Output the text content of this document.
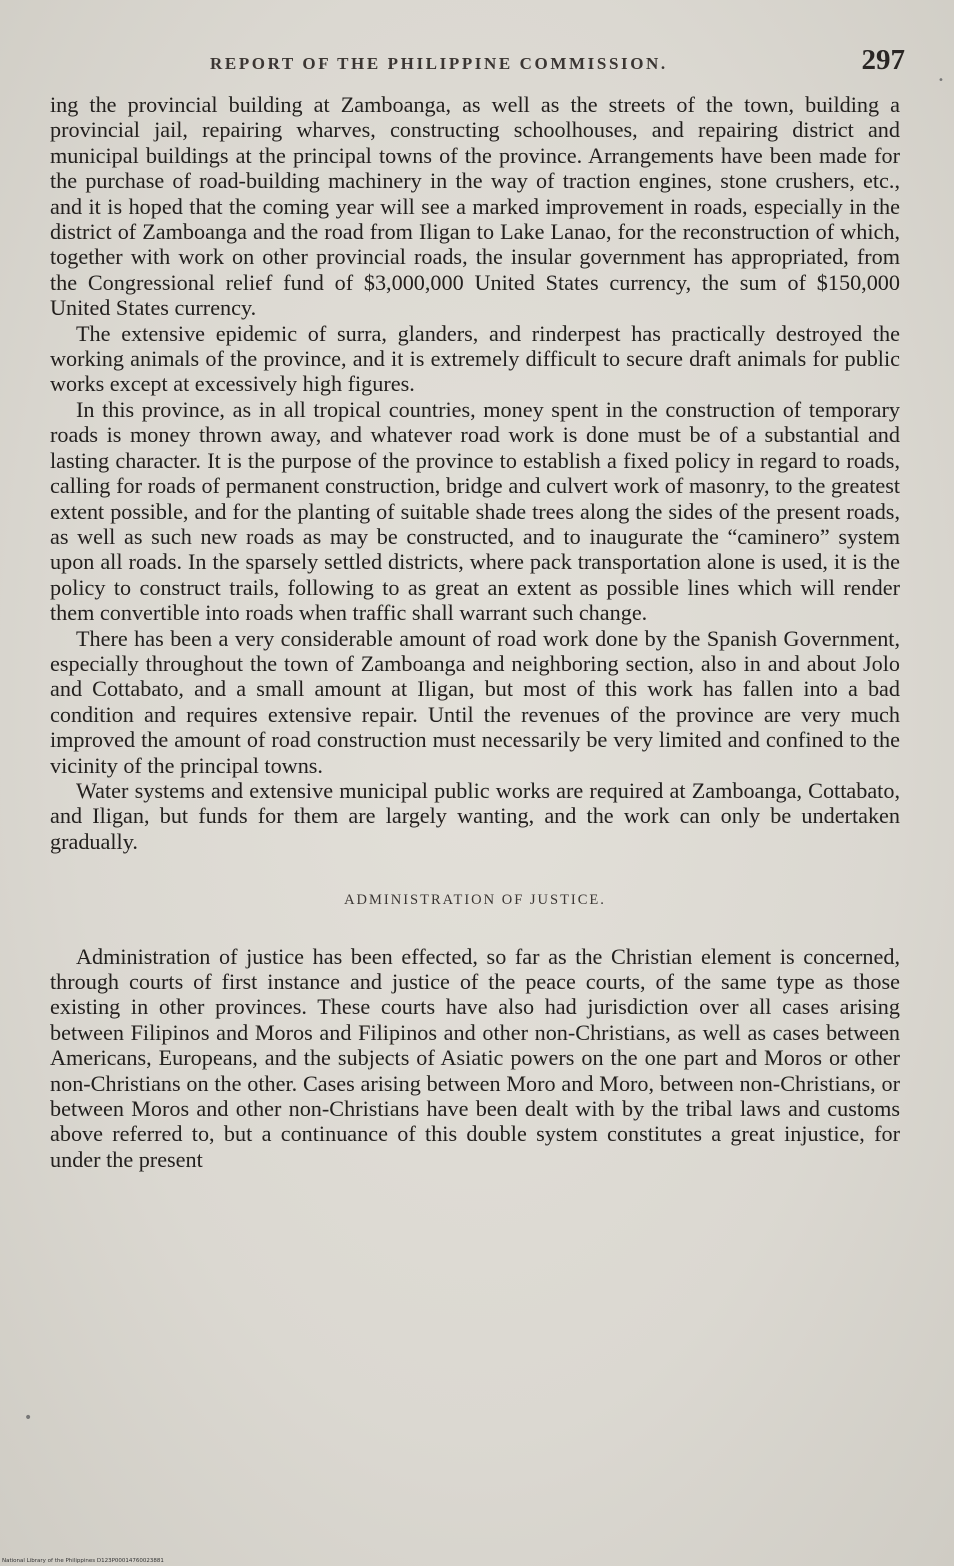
REPORT OF THE PHILIPPINE COMMISSION.	297

ing the provincial building at Zamboanga, as well as the streets of the town, building a provincial jail, repairing wharves, constructing schoolhouses, and repairing district and municipal buildings at the principal towns of the province. Arrangements have been made for the purchase of road-building machinery in the way of traction engines, stone crushers, etc., and it is hoped that the coming year will see a marked improvement in roads, especially in the district of Zamboanga and the road from Iligan to Lake Lanao, for the reconstruction of which, together with work on other provincial roads, the insular government has appropriated, from the Congressional relief fund of $3,000,000 United States currency, the sum of $150,000 United States currency.

The extensive epidemic of surra, glanders, and rinderpest has practically destroyed the working animals of the province, and it is extremely difficult to secure draft animals for public works except at excessively high figures.

In this province, as in all tropical countries, money spent in the construction of temporary roads is money thrown away, and whatever road work is done must be of a substantial and lasting character. It is the purpose of the province to establish a fixed policy in regard to roads, calling for roads of permanent construction, bridge and culvert work of masonry, to the greatest extent possible, and for the planting of suitable shade trees along the sides of the present roads, as well as such new roads as may be constructed, and to inaugurate the “caminero” system upon all roads. In the sparsely settled districts, where pack transportation alone is used, it is the policy to construct trails, following to as great an extent as possible lines which will render them convertible into roads when traffic shall warrant such change.

There has been a very considerable amount of road work done by the Spanish Government, especially throughout the town of Zamboanga and neighboring section, also in and about Jolo and Cottabato, and a small amount at Iligan, but most of this work has fallen into a bad condition and requires extensive repair. Until the revenues of the province are very much improved the amount of road construction must necessarily be very limited and confined to the vicinity of the principal towns.

Water systems and extensive municipal public works are required at Zamboanga, Cottabato, and Iligan, but funds for them are largely wanting, and the work can only be undertaken gradually.

ADMINISTRATION OF JUSTICE.

Administration of justice has been effected, so far as the Christian element is concerned, through courts of first instance and justice of the peace courts, of the same type as those existing in other provinces. These courts have also had jurisdiction over all cases arising between Filipinos and Moros and Filipinos and other non-Christians, as well as cases between Americans, Europeans, and the subjects of Asiatic powers on the one part and Moros or other non-Christians on the other. Cases arising between Moro and Moro, between non-Christians, or between Moros and other non-Christians have been dealt with by the tribal laws and customs above referred to, but a continuance of this double system constitutes a great injustice, for under the present

•
•
National Library of the Philippines D123P00014760023881
